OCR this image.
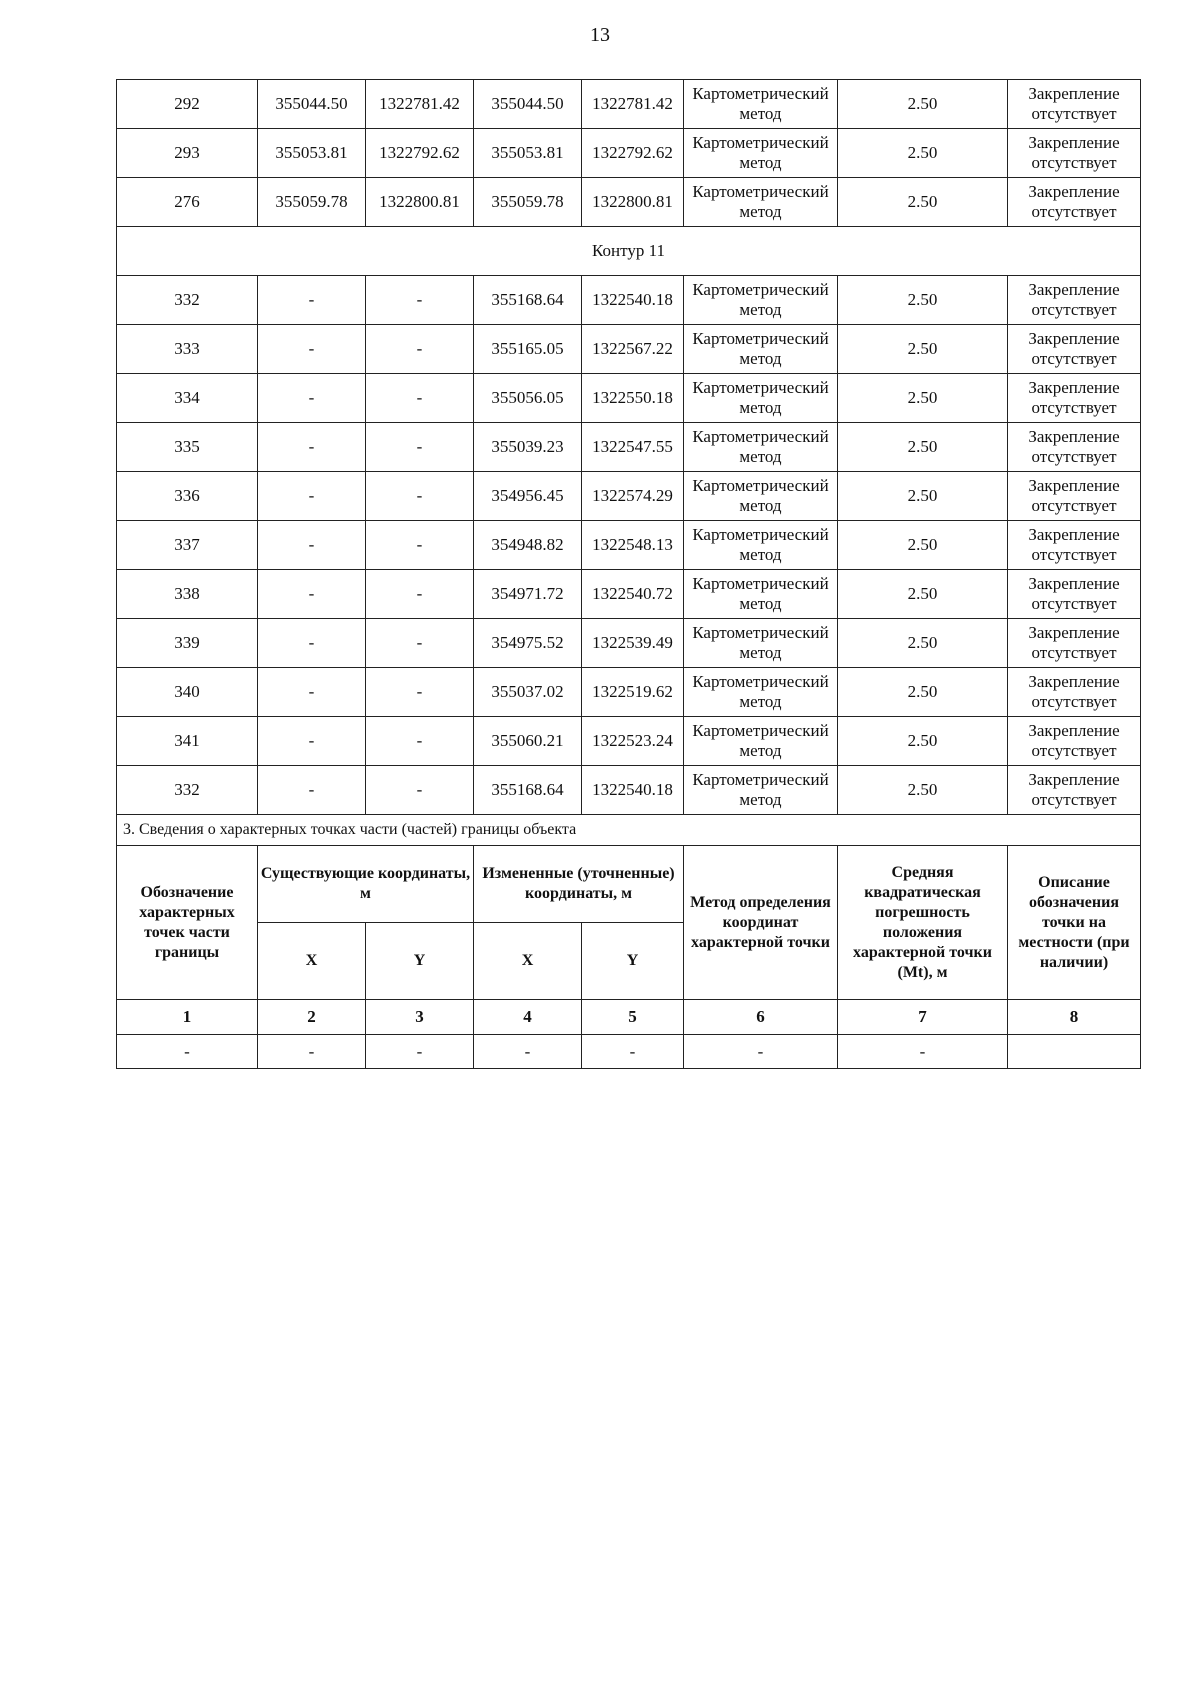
13
292	355044.50	1322781.42	355044.50	1322781.42	Картометрический метод	2.50	Закрепление отсутствует
293	355053.81	1322792.62	355053.81	1322792.62	Картометрический метод	2.50	Закрепление отсутствует
276	355059.78	1322800.81	355059.78	1322800.81	Картометрический метод	2.50	Закрепление отсутствует
Контур 11							
332	-	-	355168.64	1322540.18	Картометрический метод	2.50	Закрепление отсутствует
333	-	-	355165.05	1322567.22	Картометрический метод	2.50	Закрепление отсутствует
334	-	-	355056.05	1322550.18	Картометрический метод	2.50	Закрепление отсутствует
335	-	-	355039.23	1322547.55	Картометрический метод	2.50	Закрепление отсутствует
336	-	-	354956.45	1322574.29	Картометрический метод	2.50	Закрепление отсутствует
337	-	-	354948.82	1322548.13	Картометрический метод	2.50	Закрепление отсутствует
338	-	-	354971.72	1322540.72	Картометрический метод	2.50	Закрепление отсутствует
339	-	-	354975.52	1322539.49	Картометрический метод	2.50	Закрепление отсутствует
340	-	-	355037.02	1322519.62	Картометрический метод	2.50	Закрепление отсутствует
341	-	-	355060.21	1322523.24	Картометрический метод	2.50	Закрепление отсутствует
332	-	-	355168.64	1322540.18	Картометрический метод	2.50	Закрепление отсутствует
3. Сведения о характерных точках части (частей) границы объекта							
Обозначение характерных точек части границы	Существующие координаты, м		Измененные (уточненные) координаты, м		Метод определения координат характерной точки	Средняя квадратическая погрешность положения характерной точки (Mt), м	Описание обозначения точки на местности (при наличии)
	X	Y	X	Y			
1	2	3	4	5	6	7	8
-	-	-	-	-	-	-	
